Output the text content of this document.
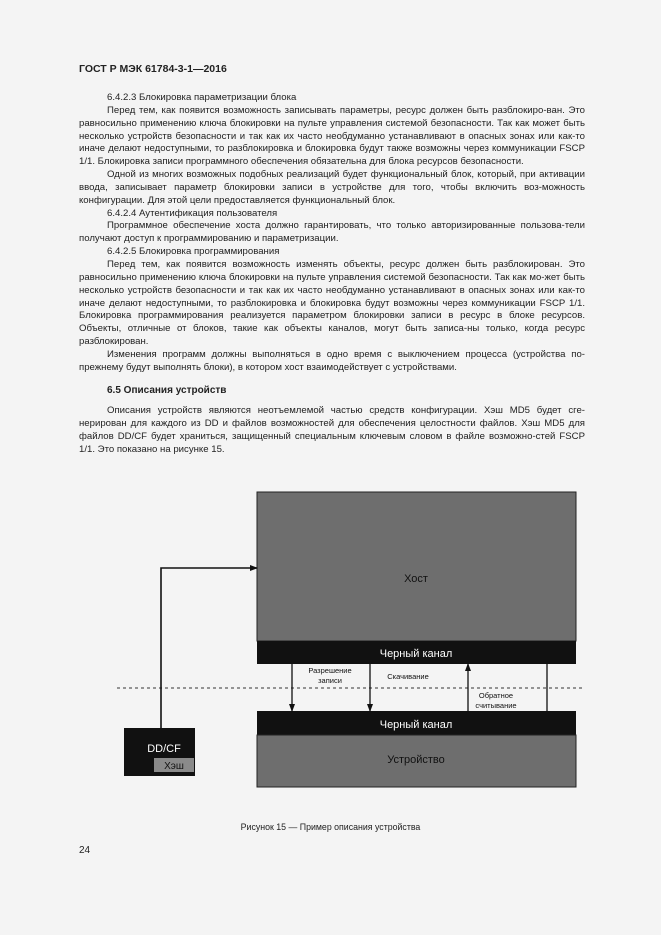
ГОСТ Р МЭК 61784-3-1—2016

6.4.2.3 Блокировка параметризации блока

Перед тем, как появится возможность записывать параметры, ресурс должен быть разблокиро-ван. Это равносильно применению ключа блокировки на пульте управления системой безопасности. Так как может быть несколько устройств безопасности и так как их часто необдуманно устанавливают в опасных зонах или как-то иначе делают недоступными, то разблокировка и блокировка будут также возможны через коммуникации FSCP 1/1. Блокировка записи программного обеспечения обязательна для блока ресурсов безопасности.

Одной из многих возможных подобных реализаций будет функциональный блок, который, при активации ввода, записывает параметр блокировки записи в устройстве для того, чтобы включить воз-можность конфигурации. Для этой цели предоставляется функциональный блок.

6.4.2.4 Аутентификация пользователя

Программное обеспечение хоста должно гарантировать, что только авторизированные пользова-тели получают доступ к программированию и параметризации.

6.4.2.5 Блокировка программирования

Перед тем, как появится возможность изменять объекты, ресурс должен быть разблокирован. Это равносильно применению ключа блокировки на пульте управления системой безопасности. Так как мо-жет быть несколько устройств безопасности и так как их часто необдуманно устанавливают в опасных зонах или как-то иначе делают недоступными, то разблокировка и блокировка будут возможны через коммуникации FSCP 1/1. Блокировка программирования реализуется параметром блокировки записи в ресурс в блоке ресурсов. Объекты, отличные от блоков, такие как объекты каналов, могут быть записа-ны только, когда ресурс разблокирован.

Изменения программ должны выполняться в одно время с выключением процесса (устройства по-прежнему будут выполнять блоки), в котором хост взаимодействует с устройствами.

6.5 Описания устройств

Описания устройств являются неотъемлемой частью средств конфигурации. Хэш MD5 будет сге-нерирован для каждого из DD и файлов возможностей для обеспечения целостности файлов. Хэш MD5 для файлов DD/CF будет храниться, защищенный специальным ключевым словом в файле возможно-стей FSCP 1/1. Это показано на рисунке 15.

Хост
Черный канал
Черный канал
Устройство
DD/CF
Хэш
Разрешение
записи	Скачивание
Обратное
считывание
Рисунок 15 — Пример описания устройства
24
